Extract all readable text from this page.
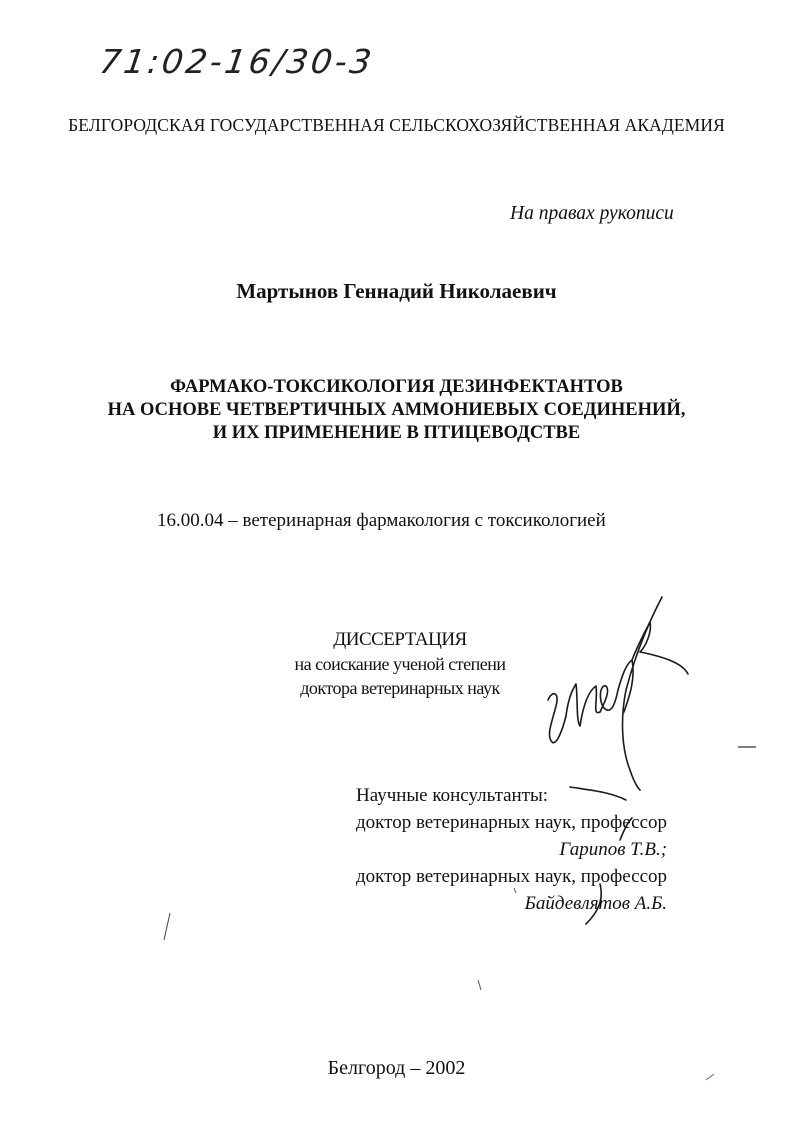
71:02-16/30-3
БЕЛГОРОДСКАЯ ГОСУДАРСТВЕННАЯ СЕЛЬСКОХОЗЯЙСТВЕННАЯ АКАДЕМИЯ
На правах рукописи
Мартынов Геннадий Николаевич
ФАРМАКО-ТОКСИКОЛОГИЯ ДЕЗИНФЕКТАНТОВ
НА ОСНОВЕ ЧЕТВЕРТИЧНЫХ АММОНИЕВЫХ СОЕДИНЕНИЙ,
И ИХ ПРИМЕНЕНИЕ В ПТИЦЕВОДСТВЕ
16.00.04 – ветеринарная фармакология с токсикологией
ДИССЕРТАЦИЯ
на соискание ученой степени
доктора ветеринарных наук
Научные консультанты:
доктор ветеринарных наук, профессор
Гарипов Т.В.;
доктор ветеринарных наук, профессор
Байдевлятов А.Б.
Белгород – 2002
